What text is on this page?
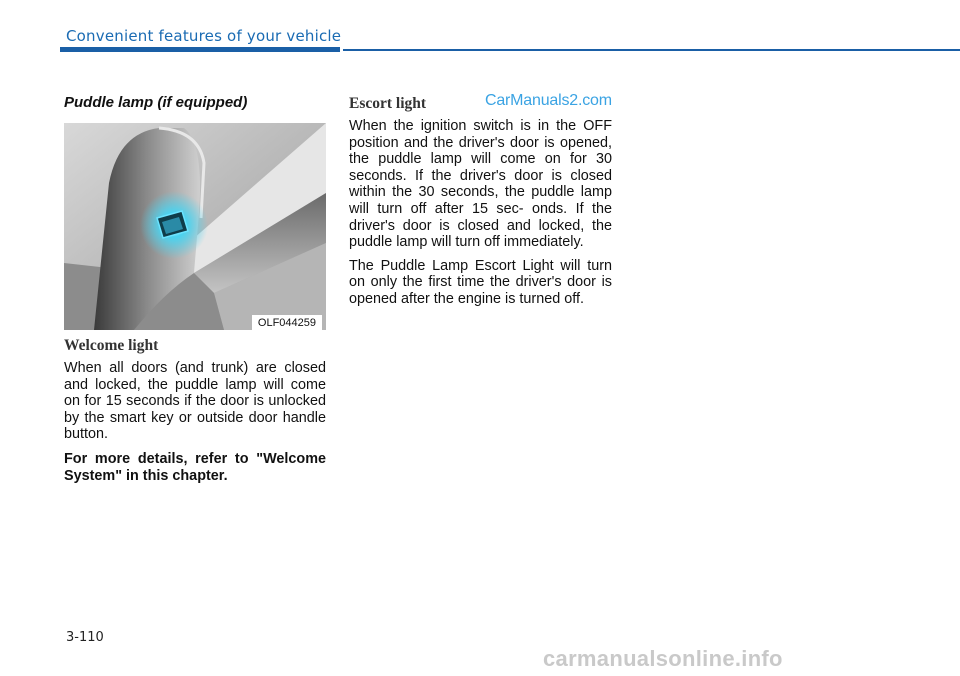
Convenient features of your vehicle

Puddle lamp (if equipped)

OLF044259

Welcome light

When all doors (and trunk) are closed and locked, the puddle lamp will come on for 15 seconds if the door is unlocked by the smart key or outside door handle button.

For more details, refer to "Welcome System" in this chapter.

Escort light

When the ignition switch is in the OFF position and the driver's door is opened, the puddle lamp will come on for 30 seconds. If the driver's door is closed within the 30 seconds, the puddle lamp will turn off after 15 sec- onds. If the driver's door is closed and locked, the puddle lamp will turn off immediately.

The Puddle Lamp Escort Light will turn on only the first time the driver's door is opened after the engine is turned off.

CarManuals2.com
3-110
carmanualsonline.info
